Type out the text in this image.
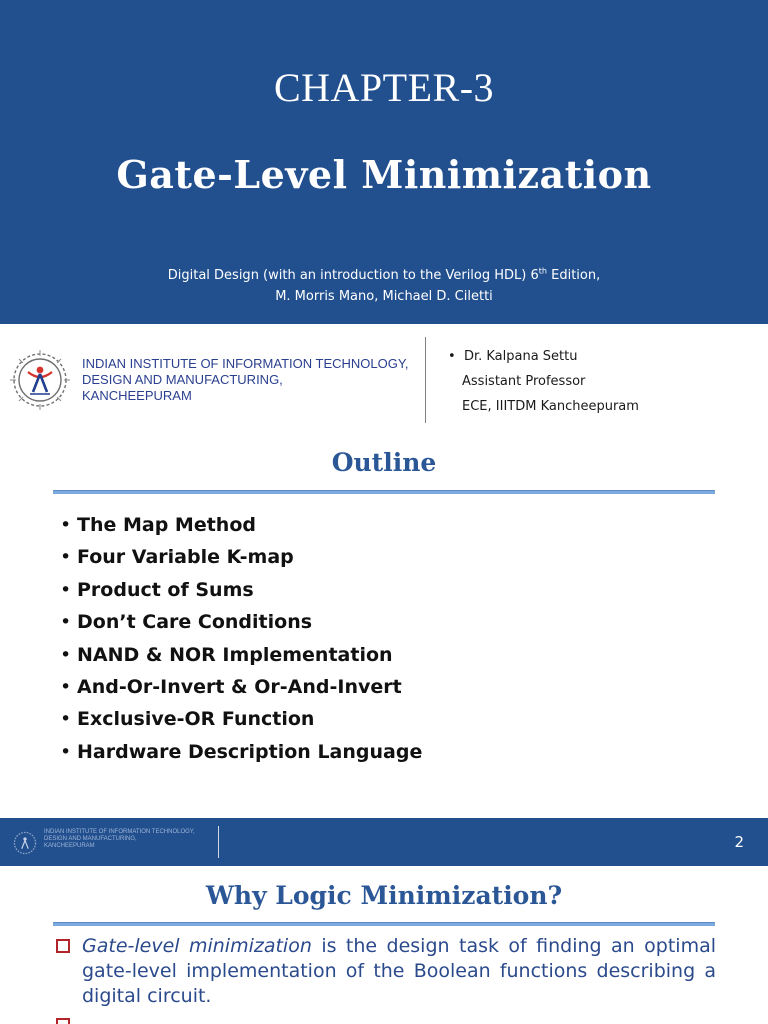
CHAPTER-3
Gate-Level Minimization
Digital Design (with an introduction to the Verilog HDL) 6th Edition,
M. Morris Mano, Michael D. Ciletti
INDIAN INSTITUTE OF INFORMATION TECHNOLOGY,
DESIGN AND MANUFACTURING,
KANCHEEPURAM
• Dr. Kalpana Settu
Assistant Professor
ECE, IIITDM Kancheepuram
Outline
• The Map Method
• Four Variable K-map
• Product of Sums
• Don’t Care Conditions
• NAND & NOR Implementation
• And-Or-Invert & Or-And-Invert
• Exclusive-OR Function
• Hardware Description Language
INDIAN INSTITUTE OF INFORMATION TECHNOLOGY,
DESIGN AND MANUFACTURING,
KANCHEEPURAM	2
Why Logic Minimization?
Gate-level minimization is the design task of finding an optimal gate-level implementation of the Boolean functions describing a digital circuit.
